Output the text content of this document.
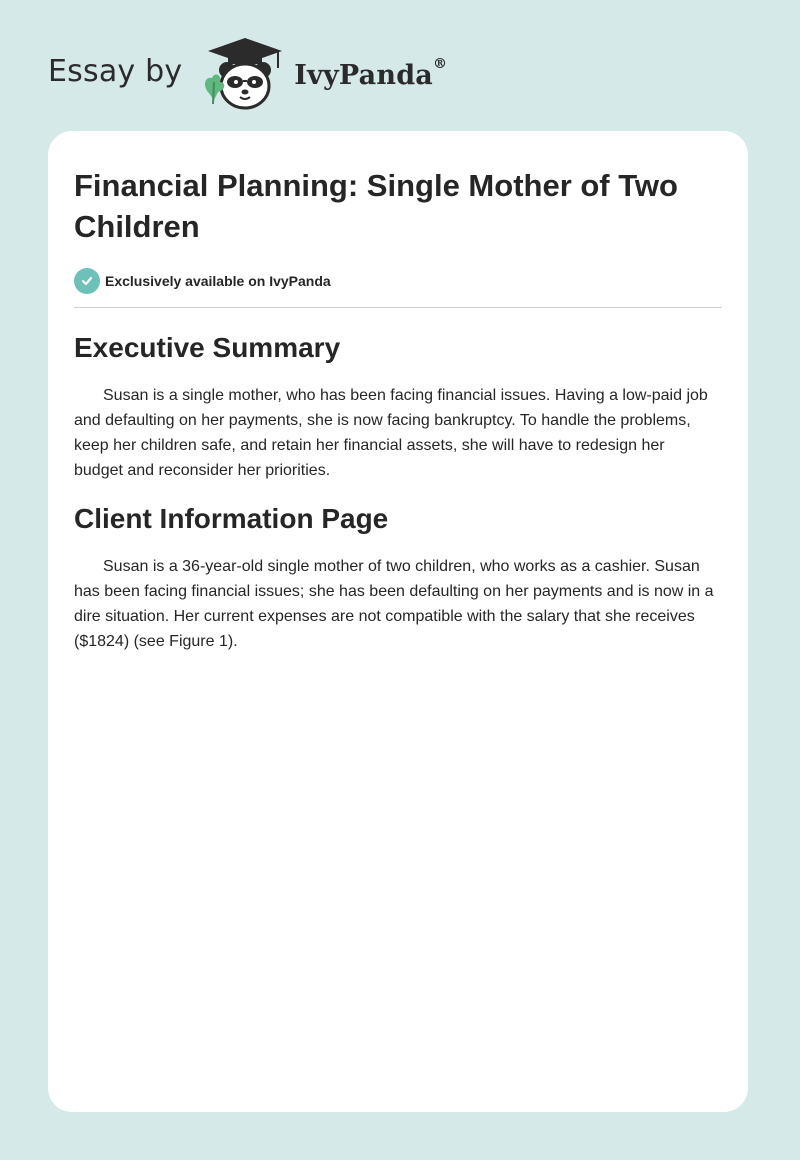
Essay by	IvyPanda®
Financial Planning: Single Mother of Two Children
Exclusively available on IvyPanda
Executive Summary

Susan is a single mother, who has been facing financial issues. Having a low-paid job and defaulting on her payments, she is now facing bankruptcy. To handle the problems, keep her children safe, and retain her financial assets, she will have to redesign her budget and reconsider her priorities.

Client Information Page

Susan is a 36-year-old single mother of two children, who works as a cashier. Susan has been facing financial issues; she has been defaulting on her payments and is now in a dire situation. Her current expenses are not compatible with the salary that she receives ($1824) (see Figure 1).
